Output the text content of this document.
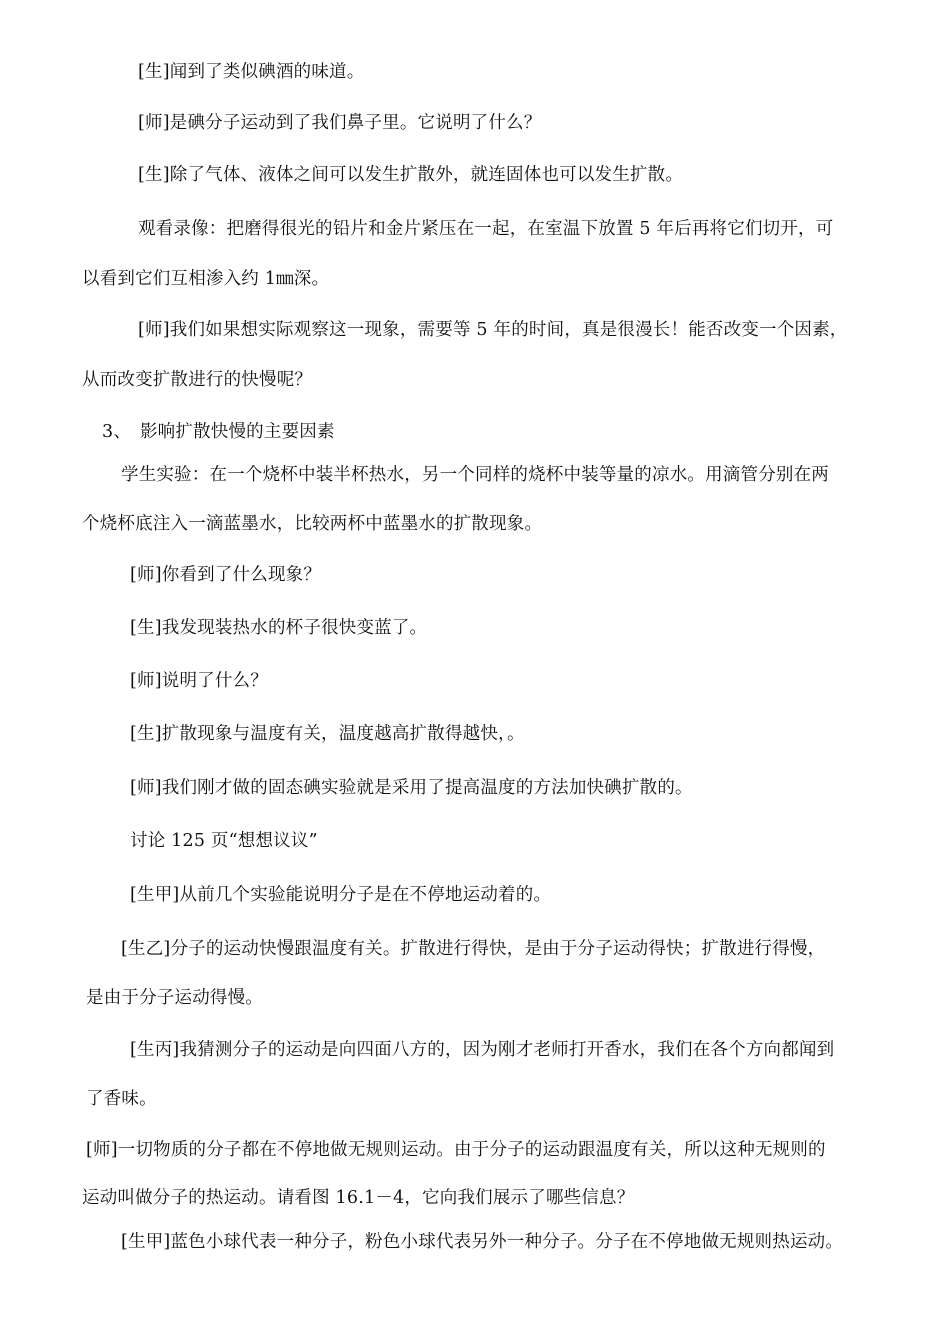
[生]闻到了类似碘酒的味道。
[师]是碘分子运动到了我们鼻子里。它说明了什么？
[生]除了气体、液体之间可以发生扩散外，就连固体也可以发生扩散。
观看录像：把磨得很光的铅片和金片紧压在一起，在室温下放置 5 年后再将它们切开，可
以看到它们互相渗入约 1㎜深。
[师]我们如果想实际观察这一现象，需要等 5 年的时间，真是很漫长！能否改变一个因素，
从而改变扩散进行的快慢呢？
3、　影响扩散快慢的主要因素
学生实验：在一个烧杯中装半杯热水，另一个同样的烧杯中装等量的凉水。用滴管分别在两
个烧杯底注入一滴蓝墨水，比较两杯中蓝墨水的扩散现象。
[师]你看到了什么现象？
[生]我发现装热水的杯子很快变蓝了。
[师]说明了什么？
[生]扩散现象与温度有关，温度越高扩散得越快，。
[师]我们刚才做的固态碘实验就是采用了提高温度的方法加快碘扩散的。
讨论 125 页“想想议议”
[生甲]从前几个实验能说明分子是在不停地运动着的。
[生乙]分子的运动快慢跟温度有关。扩散进行得快，是由于分子运动得快；扩散进行得慢，
是由于分子运动得慢。
[生丙]我猜测分子的运动是向四面八方的，因为刚才老师打开香水，我们在各个方向都闻到
了香味。
[师]一切物质的分子都在不停地做无规则运动。由于分子的运动跟温度有关，所以这种无规则的
运动叫做分子的热运动。请看图 16.1－4，它向我们展示了哪些信息？
[生甲]蓝色小球代表一种分子，粉色小球代表另外一种分子。分子在不停地做无规则热运动。
